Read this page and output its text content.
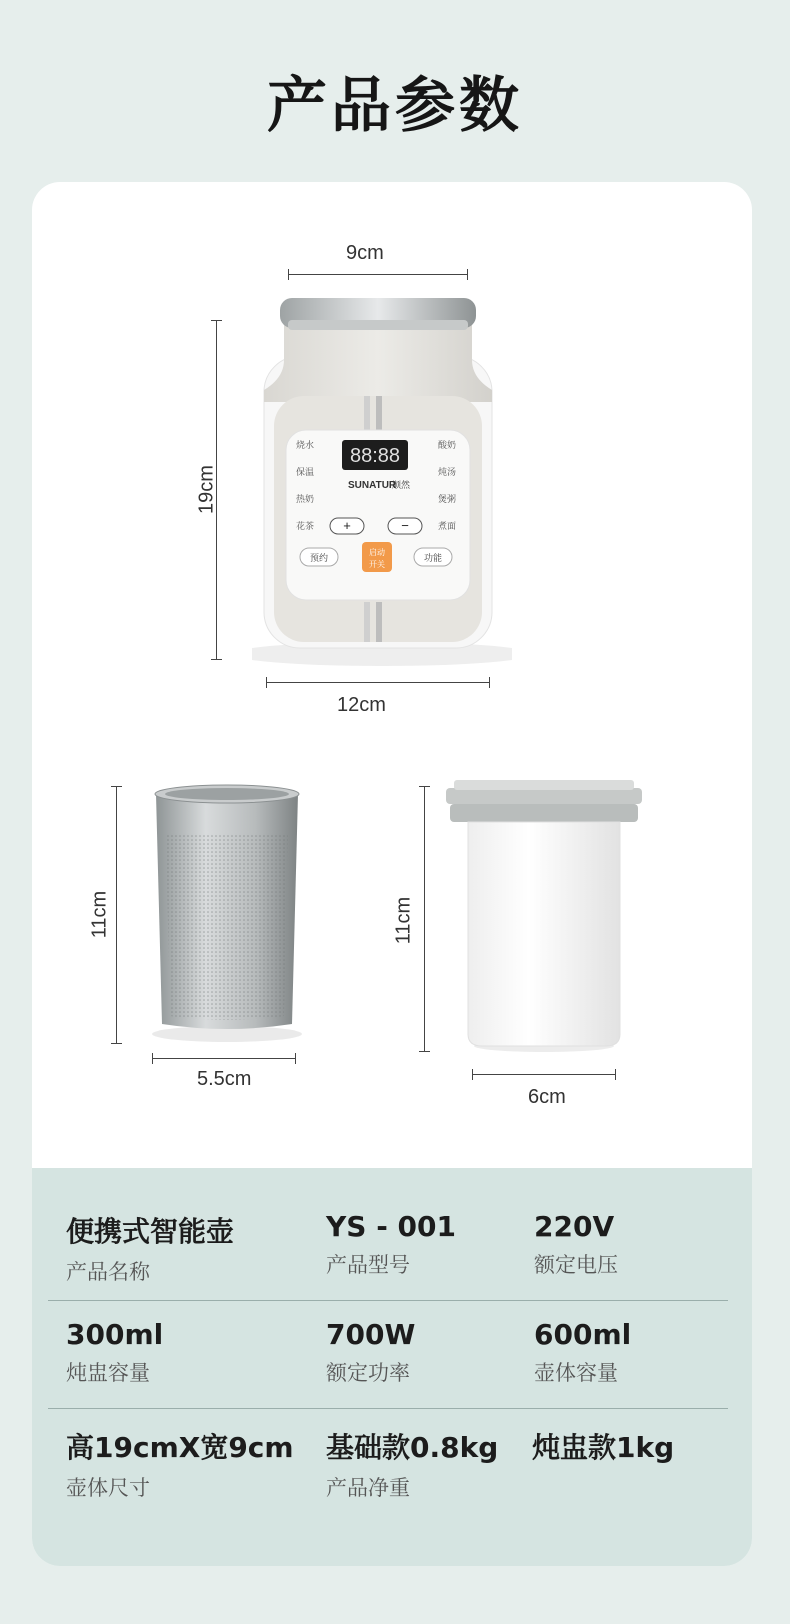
产品参数
9cm
19cm
12cm
88:88
SUNATUR
顺然
烧水
保温
热奶
花茶
酸奶
炖汤
煲粥
煮面
+	−
预约
启动
开关
功能
11cm
5.5cm
11cm
6cm
便携式智能壶
产品名称
YS - 001
产品型号
220V
额定电压
300ml
炖盅容量
700W
额定功率
600ml
壶体容量
高19cmX宽9cm
壶体尺寸
基础款0.8kg
产品净重
炖盅款1kg
